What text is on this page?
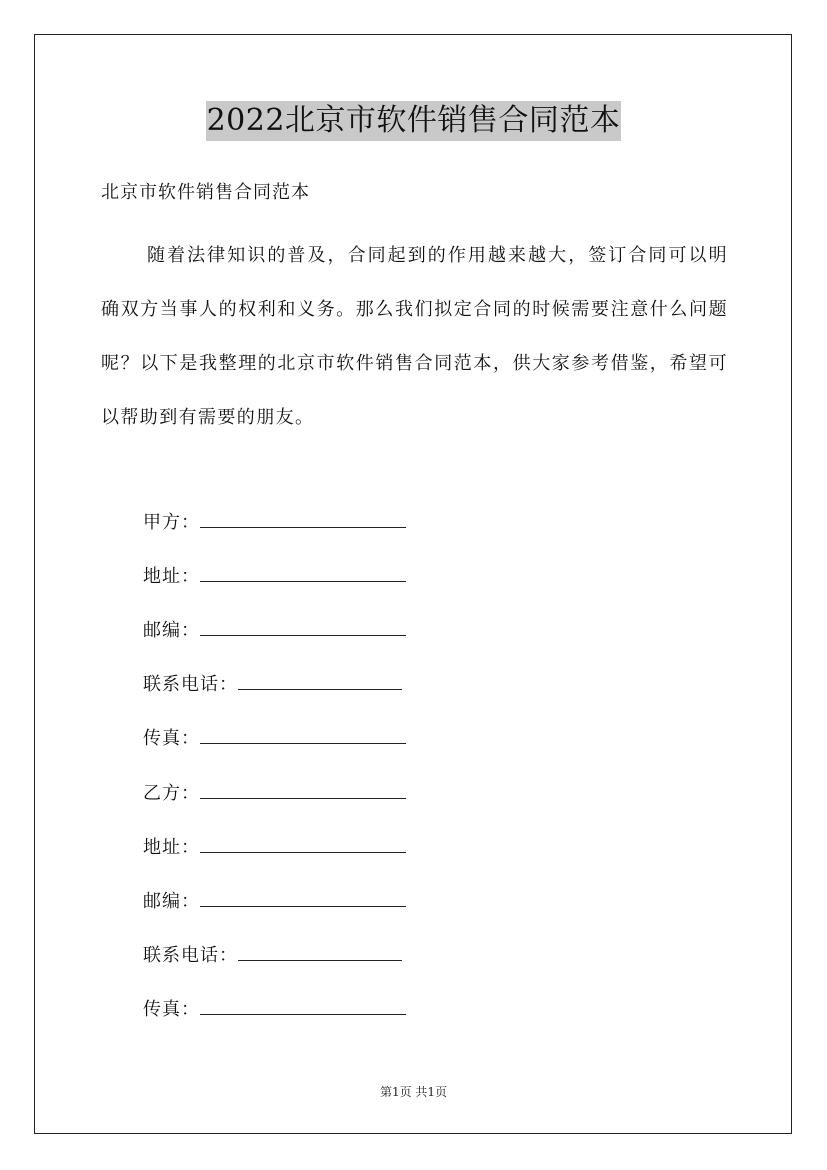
2022北京市软件销售合同范本
北京市软件销售合同范本

随着法律知识的普及，合同起到的作用越来越大，签订合同可以明确双方当事人的权利和义务。那么我们拟定合同的时候需要注意什么问题呢？以下是我整理的北京市软件销售合同范本，供大家参考借鉴，希望可以帮助到有需要的朋友。

甲方：
地址：
邮编：
联系电话：
传真：
乙方：
地址：
邮编：
联系电话：
传真：
第1页 共1页
